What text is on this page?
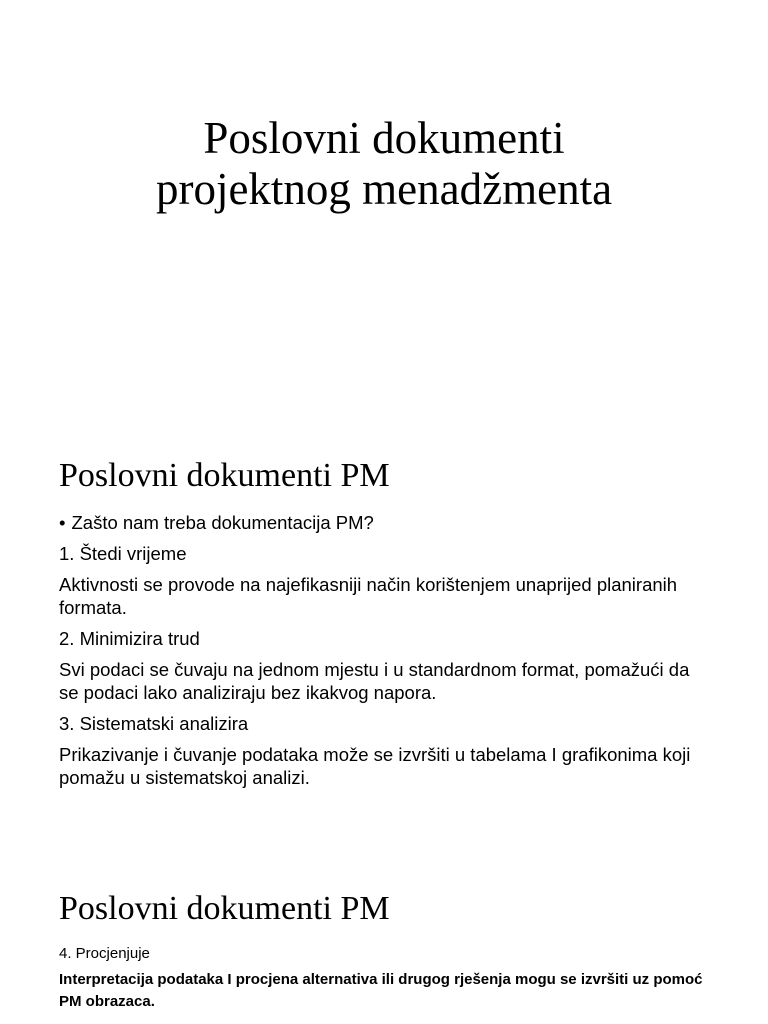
Poslovni dokumenti
projektnog menadžmenta
Poslovni dokumenti PM

• Zašto nam treba dokumentacija PM?

1. Štedi vrijeme

Aktivnosti se provode na najefikasniji način korištenjem unaprijed planiranih formata.

2. Minimizira trud

Svi podaci se čuvaju na jednom mjestu i u standardnom format, pomažući da se podaci lako analiziraju bez ikakvog napora.

3. Sistematski analizira

Prikazivanje i čuvanje podataka može se izvršiti u tabelama I grafikonima koji pomažu u sistematskoj analizi.

Poslovni dokumenti PM

4. Procjenjuje

Interpretacija podataka I procjena alternativa ili drugog rješenja mogu se izvršiti uz pomoć PM obrazaca.
